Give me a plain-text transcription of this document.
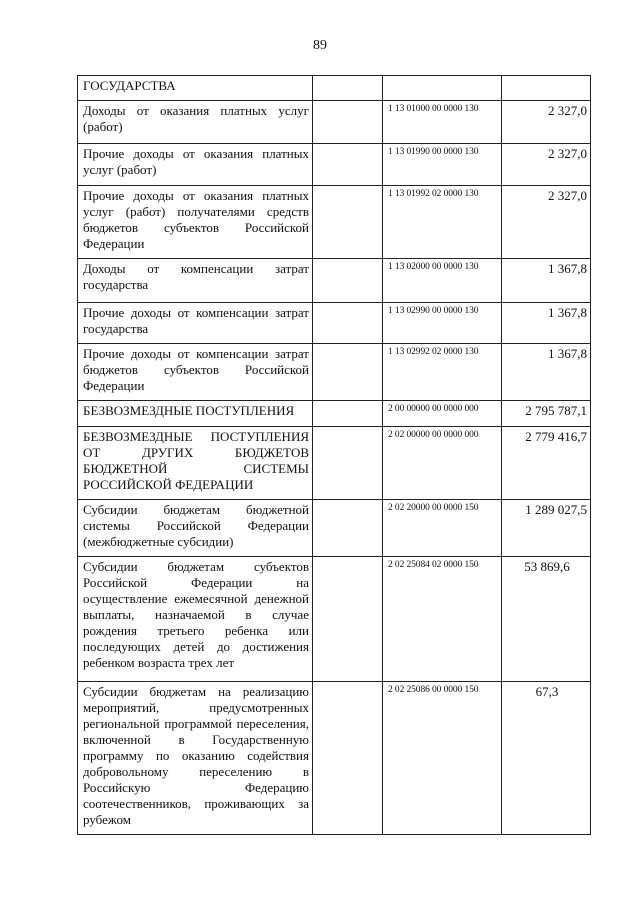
89
ГОСУДАРСТВА			
Доходы от оказания платных услуг (работ)		1 13 01000 00 0000 130	2 327,0
Прочие доходы от оказания платных услуг (работ)		1 13 01990 00 0000 130	2 327,0
Прочие доходы от оказания платных услуг (работ) получателями средств бюджетов субъектов Российской Федерации		1 13 01992 02 0000 130	2 327,0
Доходы от компенсации затрат государства		1 13 02000 00 0000 130	1 367,8
Прочие доходы от компенсации затрат государства		1 13 02990 00 0000 130	1 367,8
Прочие доходы от компенсации затрат бюджетов субъектов Российской Федерации		1 13 02992 02 0000 130	1 367,8
БЕЗВОЗМЕЗДНЫЕ ПОСТУПЛЕНИЯ		2 00 00000 00 0000 000	2 795 787,1
БЕЗВОЗМЕЗДНЫЕ ПОСТУПЛЕНИЯ ОТ ДРУГИХ БЮДЖЕТОВ БЮДЖЕТНОЙ СИСТЕМЫ РОССИЙСКОЙ ФЕДЕРАЦИИ		2 02 00000 00 0000 000	2 779 416,7
Субсидии бюджетам бюджетной системы Российской Федерации (межбюджетные субсидии)		2 02 20000 00 0000 150	1 289 027,5
Субсидии бюджетам субъектов Российской Федерации на осуществление ежемесячной денежной выплаты, назначаемой в случае рождения третьего ребенка или последующих детей до достижения ребенком возраста трех лет		2 02 25084 02 0000 150	53 869,6
Субсидии бюджетам на реализацию мероприятий, предусмотренных региональной программой переселения, включенной в Государственную программу по оказанию содействия добровольному переселению в Российскую Федерацию соотечественников, проживающих за рубежом		2 02 25086 00 0000 150	67,3
